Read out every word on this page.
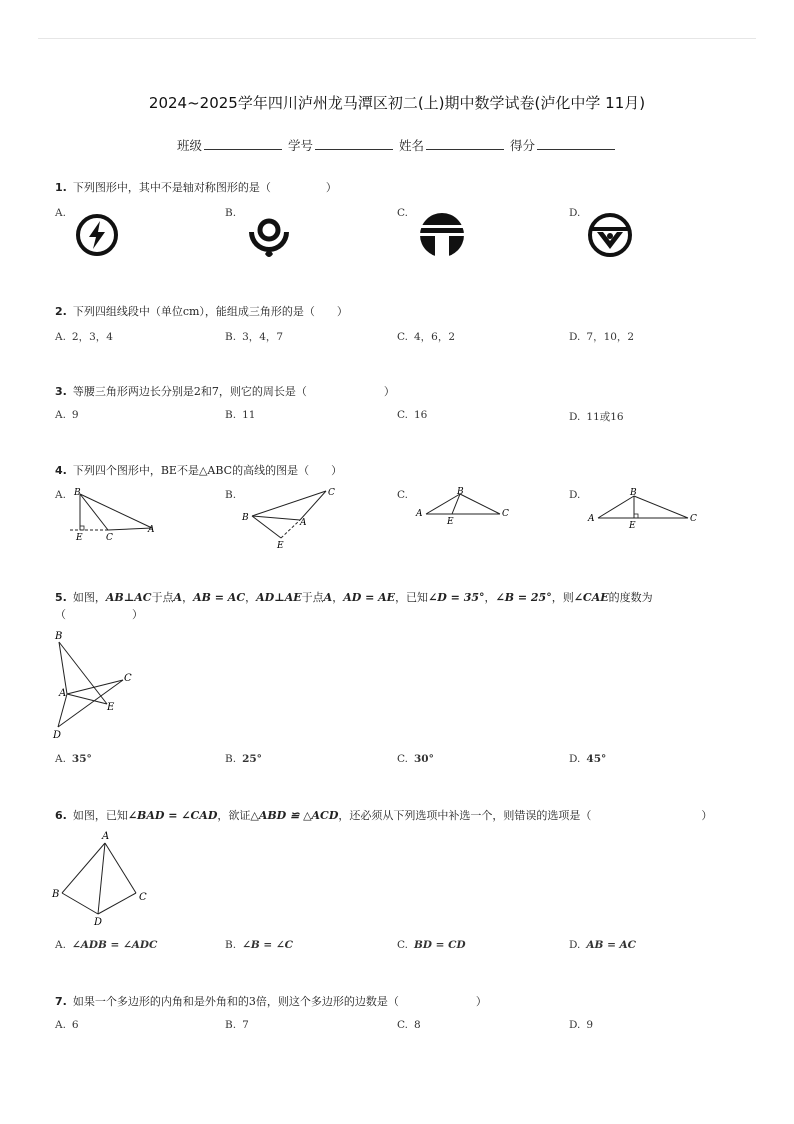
2024~2025学年四川泸州龙马潭区初二(上)期中数学试卷(泸化中学 11月)
班级	学号	姓名	得分
1. 下列图形中，其中不是轴对称图形的是（　　　　　）
A.	B.	C.	D.
2. 下列四组线段中（单位cm），能组成三角形的是（　　）
A. 2，3，4	B. 3，4，7	C. 4，6，2	D. 7，10，2
3. 等腰三角形两边长分别是2和7，则它的周长是（　　　　　　　）
A. 9	B. 11	C. 16	D. 11或16
4. 下列四个图形中，BE不是△ABC的高线的图是（　　）
A.	B.	C.	D.
B
E	C
A
C
B	A
E
B
A
E
C
B
A
E
C
5. 如图，AB⊥AC于点A，AB = AC，AD⊥AE于点A，AD = AE，已知∠D = 35°，∠B = 25°，则∠CAE的度数为
（　　　　　　）
B
C
A
E
D
A. 35°	B. 25°	C. 30°	D. 45°
6. 如图，已知∠BAD = ∠CAD，欲证△ABD ≌ △ACD，还必须从下列选项中补选一个，则错误的选项是（　　　　　　　　　　）
A
B	C
D
A. ∠ADB = ∠ADC	B. ∠B = ∠C	C. BD = CD	D. AB = AC
7. 如果一个多边形的内角和是外角和的3倍，则这个多边形的边数是（　　　　　　　）
A. 6	B. 7	C. 8	D. 9
